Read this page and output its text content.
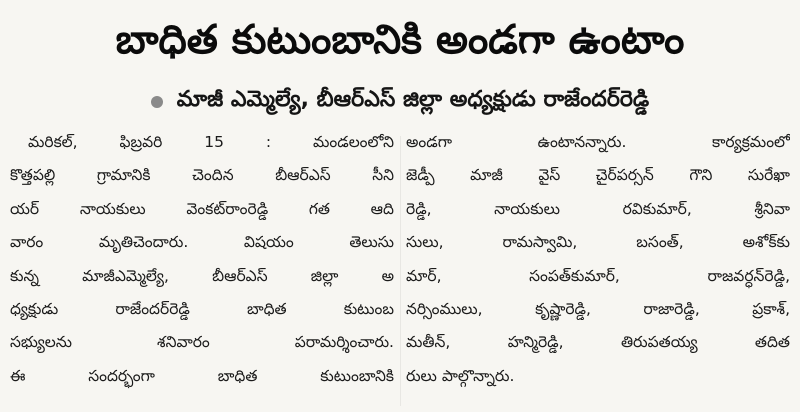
బాధిత కుటుంబానికి అండగా ఉంటాం
మాజీ ఎమ్మెల్యే, బీఆర్ఎస్ జిల్లా అధ్యక్షుడు రాజేందర్‌రెడ్డి
మరికల్, ఫిబ్రవరి 15 : మండలంలోని
కొత్తపల్లి గ్రామానికి చెందిన బీఆర్ఎస్ సీని
యర్ నాయకులు వెంకట్‌రాంరెడ్డి గత ఆది
వారం మృతిచెందారు. విషయం తెలుసు
కున్న మాజీఎమ్మెల్యే, బీఆర్ఎస్ జిల్లా అ
ధ్యక్షుడు రాజేందర్‌రెడ్డి బాధిత కుటుంబ
సభ్యులను శనివారం పరామర్శించారు.
ఈ సందర్భంగా బాధిత కుటుంబానికి
అండగా ఉంటానన్నారు. కార్యక్రమంలో
జెడ్పీ మాజీ వైస్ చైర్‌పర్సన్ గౌని సురేఖా
రెడ్డి, నాయకులు రవికుమార్, శ్రీనివా
సులు, రామస్వామి, బసంత్, అశోక్‌కు
మార్, సంపత్‌కుమార్, రాజవర్ధన్‌రెడ్డి,
నర్సింములు, కృష్ణారెడ్డి, రాజారెడ్డి, ప్రకాశ్,
మతీన్, హన్మిరెడ్డి, తిరుపతయ్య తదిత
రులు పాల్గొన్నారు.
